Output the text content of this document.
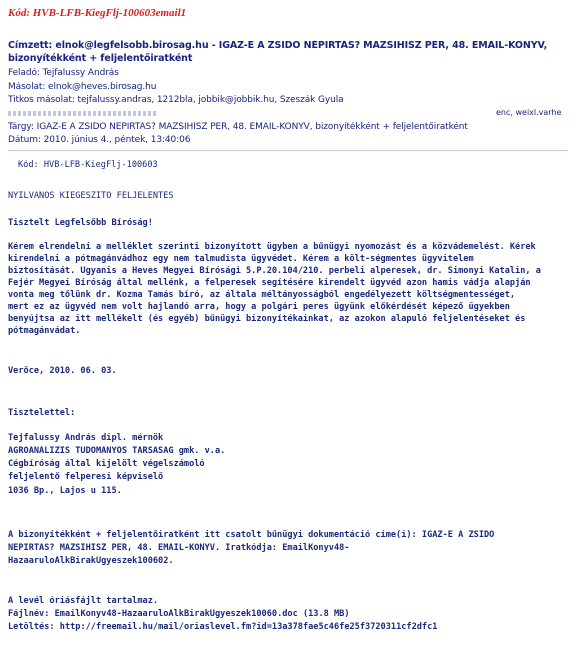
Kód: HVB-LFB-KiegFlj-100603email1
Címzett: elnok@legfelsobb.birosag.hu - IGAZ-E A ZSIDÓ NÉPIRTÁS? MAZSIHISZ PER, 48. EMAIL-KÖNYV,
bizonyítékként + feljelentőiratként
Feladó: Tejfalussy András
Másolat: elnok@heves.birosag.hu
Titkos másolat: tejfalussy.andras, 1212bla, jobbik@jobbik.hu, Szeszák Gyula
enc, weixl.varhe
Tárgy: IGAZ-E A ZSIDÓ NÉPIRTÁS? MAZSIHISZ PER, 48. EMAIL-KÖNYV, bizonyítékként + feljelentőiratként
Dátum: 2010. június 4., péntek, 13:40:06
Kód: HVB-LFB-KiegFlj-100603
NYILVÁNOS KIEGÉSZÍTŐ FELJELENTÉS
Tisztelt Legfelsőbb Bíróság!
Kérem elrendelni a melléklet szerinti bizonyított ügyben a bűnügyi nyomozást és a közvádemelést. Kérek
kirendelni a pótmagánvádhoz egy nem talmudista ügyvédet. Kérem a költ-ségmentes ügyvitelem
biztosítását. Ugyanis a Heves Megyei Bírósági 5.P.20.104/210. perbeli alperesek, dr. Simonyi Katalin, a
Fejér Megyei Bíróság által mellénk, a felperesek segítésére kirendelt ügyvéd azon hamis vádja alapján
vonta meg tőlünk dr. Kozma Tamás bíró, az általa méltányosságból engedélyezett költségmentességet,
mert ez az ügyvéd nem volt hajlandó arra, hogy a polgári peres ügyünk előkérdését képező ügyekben
benyújtsa az itt mellékelt (és egyéb) bűnügyi bizonyítékainkat, az azokon alapuló feljelentéseket és
pótmagánvádat.
Verőce, 2010. 06. 03.
Tisztelettel:
Tejfalussy András dipl. mérnök
AGROANALÍZIS TUDOMÁNYOS TÁRSASÁG gmk. v.a.
Cégbíróság által kijelölt végelszámoló
feljelentő felperesi képviselő
1036 Bp., Lajos u 115.
A bizonyítékként + feljelentőiratként itt csatolt bűnügyi dokumentáció címe(i): IGAZ-E A ZSIDÓ
NÉPIRTÁS? MAZSIHISZ PER, 48. EMAIL-KÖNYV. Iratkódja: EmailKonyv48-
HazaaruloAlkBirakUgyeszek100602.
A levél óriásfájlt tartalmaz.
Fájlnév: EmailKonyv48-HazaaruloAlkBirakUgyeszek10060.doc (13.8 MB)
Letöltés: http://freemail.hu/mail/oriaslevel.fm?id=13a378fae5c46fe25f3720311cf2dfc1
